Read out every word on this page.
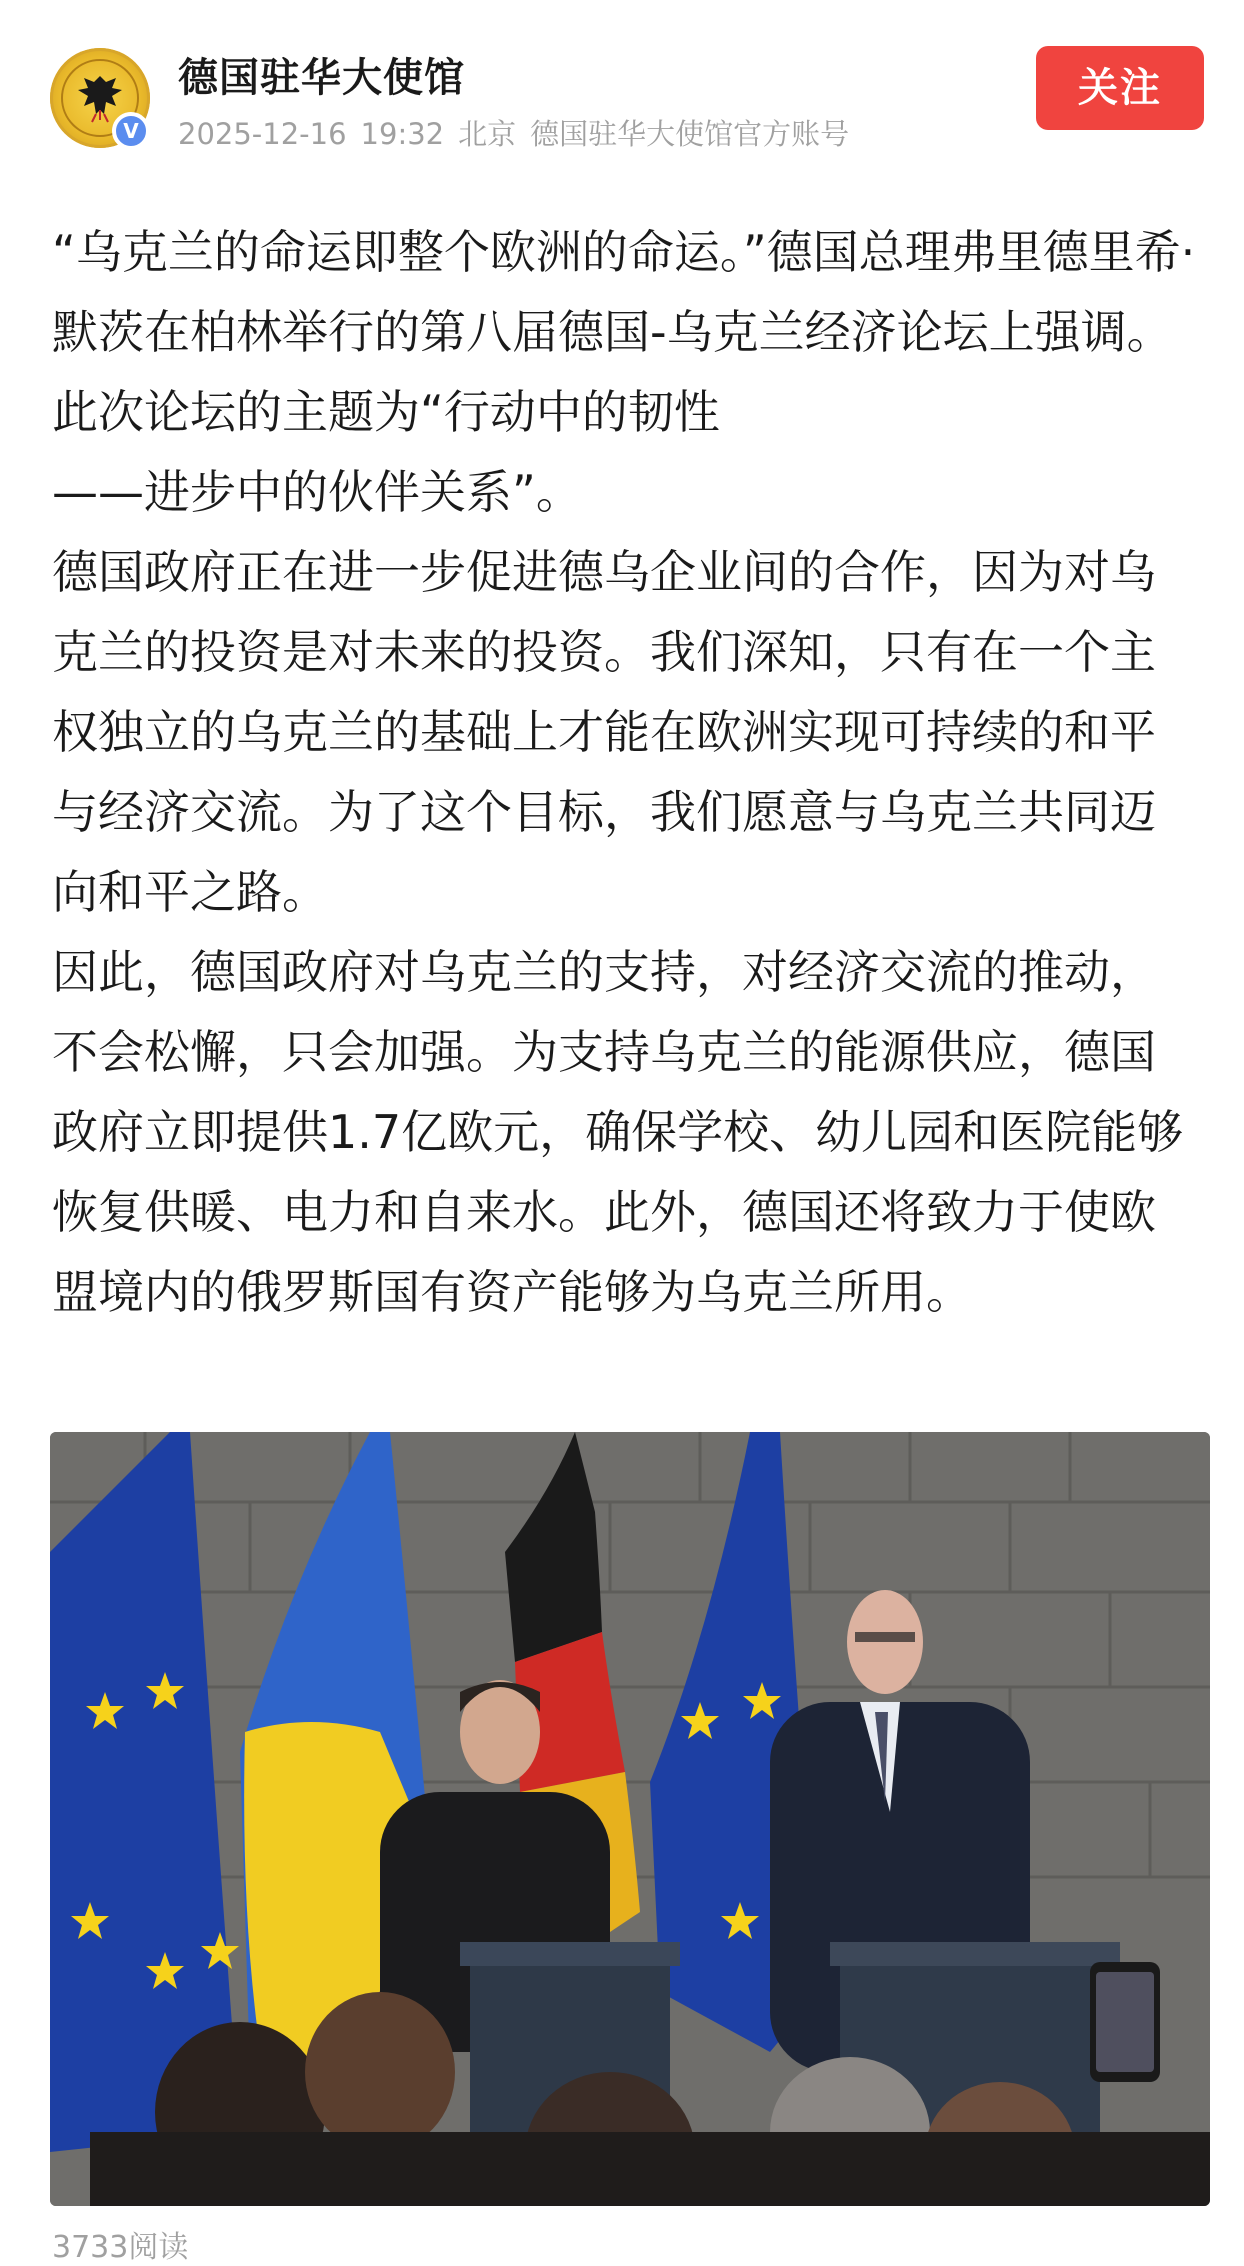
V
德国驻华大使馆
2025-12-16 19:32 北京 德国驻华大使馆官方账号
关注

“乌克兰的命运即整个欧洲的命运。”德国总理弗里德里希·默茨在柏林举行的第八届德国-乌克兰经济论坛上强调。此次论坛的主题为“行动中的韧性
——进步中的伙伴关系”。

德国政府正在进一步促进德乌企业间的合作，因为对乌克兰的投资是对未来的投资。我们深知，只有在一个主权独立的乌克兰的基础上才能在欧洲实现可持续的和平与经济交流。为了这个目标，我们愿意与乌克兰共同迈向和平之路。

因此，德国政府对乌克兰的支持，对经济交流的推动，不会松懈，只会加强。为支持乌克兰的能源供应，德国政府立即提供1.7亿欧元，确保学校、幼儿园和医院能够恢复供暖、电力和自来水。此外，德国还将致力于使欧盟境内的俄罗斯国有资产能够为乌克兰所用。

3733阅读
